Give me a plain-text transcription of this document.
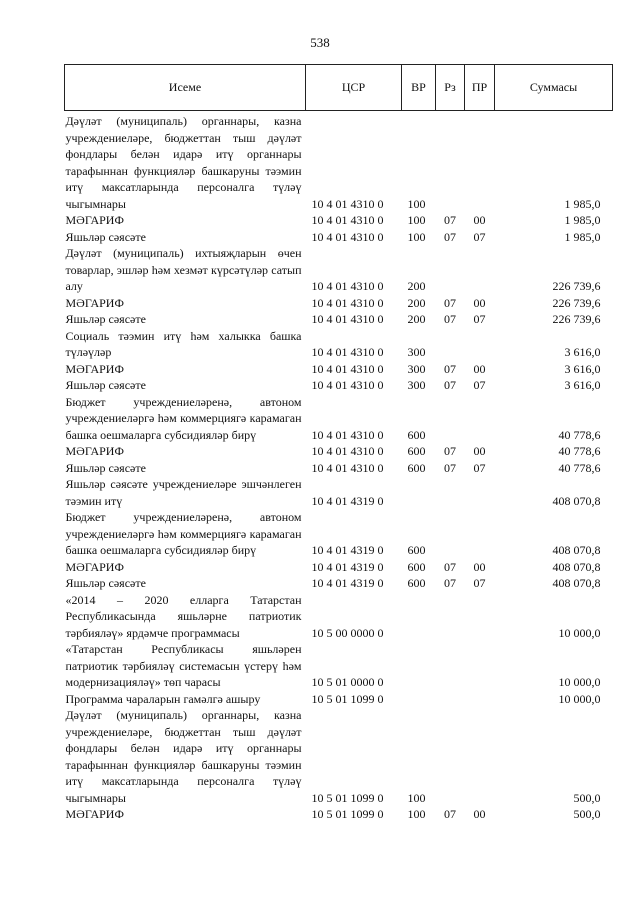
538
Исеме	ЦСР	ВР	Рз	ПР	Суммасы
Дәүләт (муниципаль) органнары, казна учреждениеләре, бюджеттан тыш дәүләт фондлары белән идарә итү органнары тарафыннан функцияләр башкаруны тәэмин итү максатларында персоналга түләү чыгымнары	10 4 01 4310 0	100			1 985,0
МӘГАРИФ	10 4 01 4310 0	100	07	00	1 985,0
Яшьләр сәясәте	10 4 01 4310 0	100	07	07	1 985,0
Дәүләт (муниципаль) ихтыяҗларын өчен товарлар, эшләр һәм хезмәт күрсәтүләр сатып алу	10 4 01 4310 0	200			226 739,6
МӘГАРИФ	10 4 01 4310 0	200	07	00	226 739,6
Яшьләр сәясәте	10 4 01 4310 0	200	07	07	226 739,6
Социаль тәэмин итү һәм халыкка башка түләүләр	10 4 01 4310 0	300			3 616,0
МӘГАРИФ	10 4 01 4310 0	300	07	00	3 616,0
Яшьләр сәясәте	10 4 01 4310 0	300	07	07	3 616,0
Бюджет учреждениеләренә, автоном учреждениеләргә һәм коммерциягә карамаган башка оешмаларга субсидияләр бирү	10 4 01 4310 0	600			40 778,6
МӘГАРИФ	10 4 01 4310 0	600	07	00	40 778,6
Яшьләр сәясәте	10 4 01 4310 0	600	07	07	40 778,6
Яшьләр сәясәте учреждениеләре эшчәнлеген тәэмин итү	10 4 01 4319 0				408 070,8
Бюджет учреждениеләренә, автоном учреждениеләргә һәм коммерциягә карамаган башка оешмаларга субсидияләр бирү	10 4 01 4319 0	600			408 070,8
МӘГАРИФ	10 4 01 4319 0	600	07	00	408 070,8
Яшьләр сәясәте	10 4 01 4319 0	600	07	07	408 070,8
«2014 – 2020 елларга Татарстан Республикасында яшьләрне патриотик тәрбияләү» ярдәмче программасы	10 5 00 0000 0				10 000,0
«Татарстан Республикасы яшьләрен патриотик тәрбияләү системасын үстерү һәм модернизацияләү» төп чарасы	10 5 01 0000 0				10 000,0
Программа чараларын гамәлгә ашыру	10 5 01 1099 0				10 000,0
Дәүләт (муниципаль) органнары, казна учреждениеләре, бюджеттан тыш дәүләт фондлары белән идарә итү органнары тарафыннан функцияләр башкаруны тәэмин итү максатларында персоналга түләү чыгымнары	10 5 01 1099 0	100			500,0
МӘГАРИФ	10 5 01 1099 0	100	07	00	500,0
